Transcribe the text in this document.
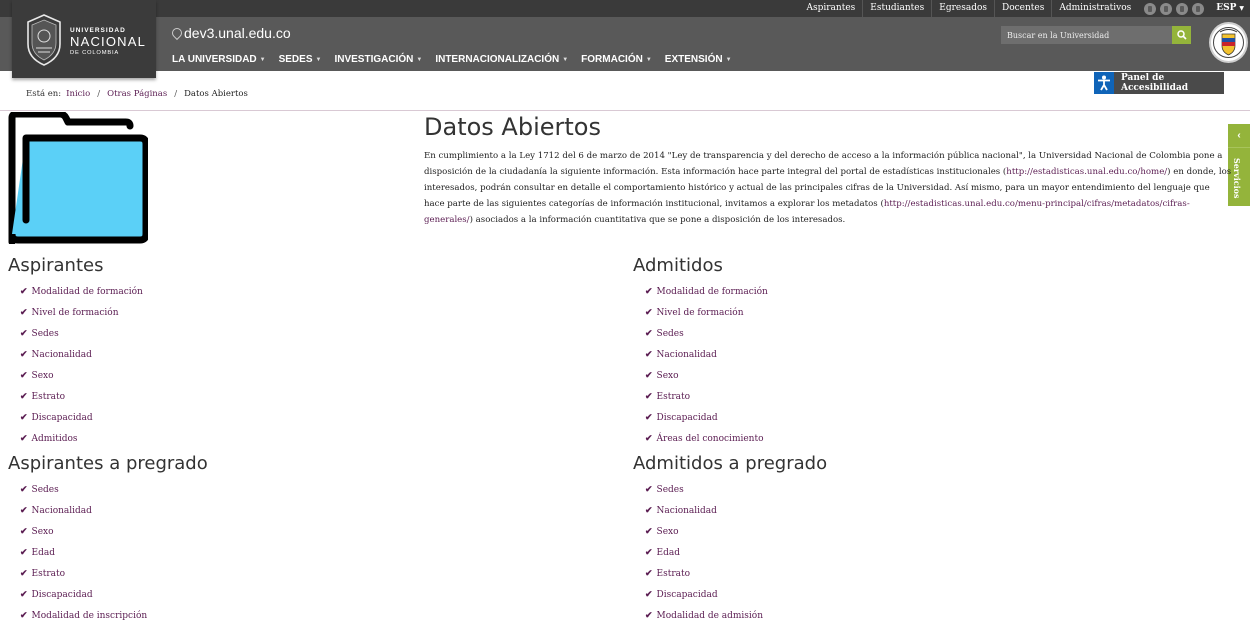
Aspirantes	Estudiantes	Egresados	Docentes	Administrativos	ESP ▼
UNIVERSIDAD
NACIONAL
DE COLOMBIA
dev3.unal.edu.co
LA UNIVERSIDAD ▼ SEDES ▼ INVESTIGACIÓN ▼ INTERNACIONALIZACIÓN ▼ FORMACIÓN ▼ EXTENSIÓN ▼
Buscar en la Universidad
Panel de Accesibilidad
‹
Servicios
Está en: Inicio / Otras Páginas / Datos Abiertos
Datos Abiertos

En cumplimiento a la Ley 1712 del 6 de marzo de 2014 "Ley de transparencia y del derecho de acceso a la información pública nacional", la Universidad Nacional de Colombia pone a disposición de la ciudadanía la siguiente información. Esta información hace parte integral del portal de estadísticas institucionales (http://estadisticas.unal.edu.co/home/) en donde, los interesados, podrán consultar en detalle el comportamiento histórico y actual de las principales cifras de la Universidad. Así mismo, para un mayor entendimiento del lenguaje que hace parte de las siguientes categorías de información institucional, invitamos a explorar los metadatos (http://estadisticas.unal.edu.co/menu-principal/cifras/metadatos/cifras-generales/) asociados a la información cuantitativa que se pone a disposición de los interesados.

Aspirantes
✔ Modalidad de formación
✔ Nivel de formación
✔ Sedes
✔ Nacionalidad
✔ Sexo
✔ Estrato
✔ Discapacidad
✔ Admitidos
Admitidos
✔ Modalidad de formación
✔ Nivel de formación
✔ Sedes
✔ Nacionalidad
✔ Sexo
✔ Estrato
✔ Discapacidad
✔ Áreas del conocimiento
Aspirantes a pregrado
✔ Sedes
✔ Nacionalidad
✔ Sexo
✔ Edad
✔ Estrato
✔ Discapacidad
✔ Modalidad de inscripción
Admitidos a pregrado
✔ Sedes
✔ Nacionalidad
✔ Sexo
✔ Edad
✔ Estrato
✔ Discapacidad
✔ Modalidad de admisión
